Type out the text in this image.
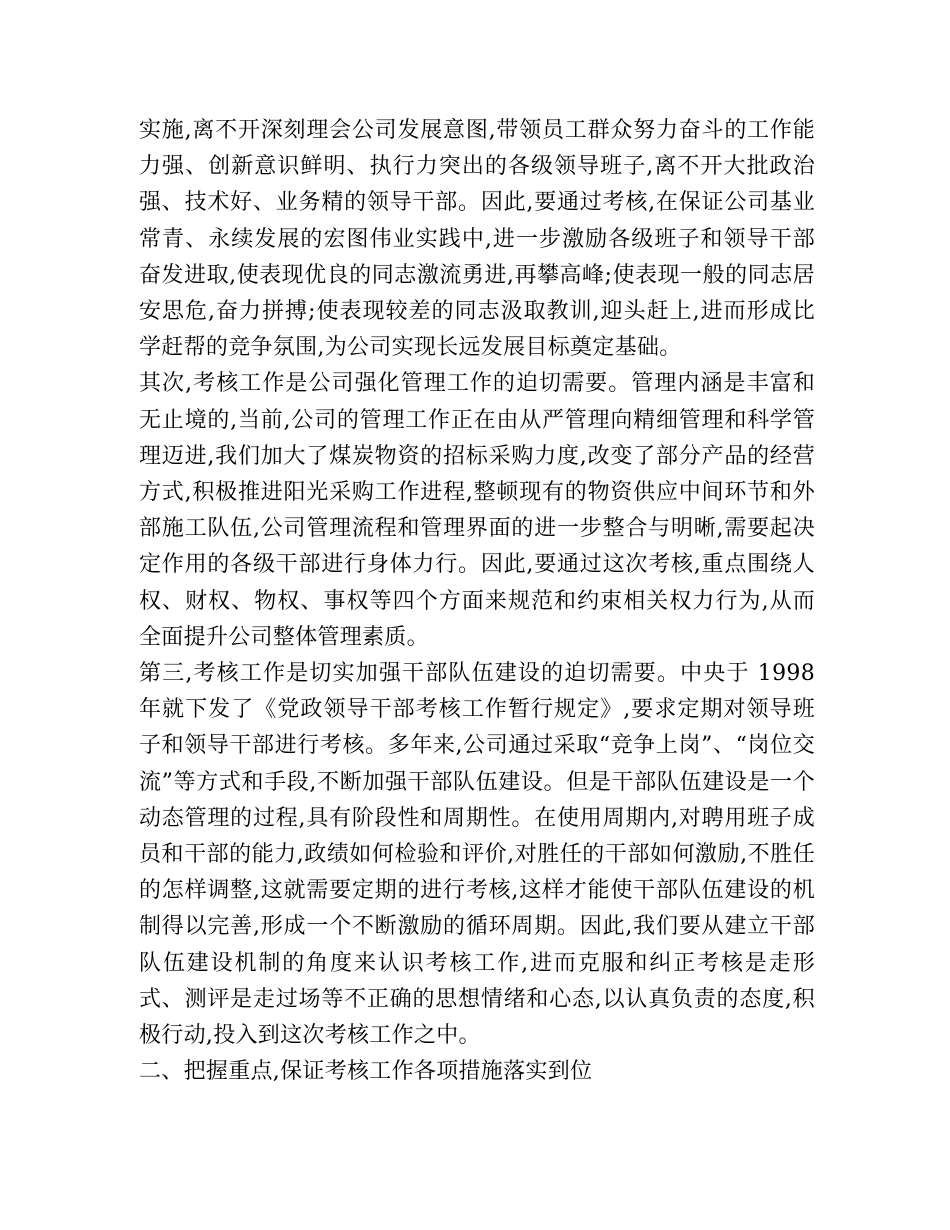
实施,离不开深刻理会公司发展意图,带领员工群众努力奋斗的工作能力强、创新意识鲜明、执行力突出的各级领导班子,离不开大批政治强、技术好、业务精的领导干部。因此,要通过考核,在保证公司基业常青、永续发展的宏图伟业实践中,进一步激励各级班子和领导干部奋发进取,使表现优良的同志激流勇进,再攀高峰;使表现一般的同志居安思危,奋力拼搏;使表现较差的同志汲取教训,迎头赶上,进而形成比学赶帮的竞争氛围,为公司实现长远发展目标奠定基础。

其次,考核工作是公司强化管理工作的迫切需要。管理内涵是丰富和无止境的,当前,公司的管理工作正在由从严管理向精细管理和科学管理迈进,我们加大了煤炭物资的招标采购力度,改变了部分产品的经营方式,积极推进阳光采购工作进程,整顿现有的物资供应中间环节和外部施工队伍,公司管理流程和管理界面的进一步整合与明晰,需要起决定作用的各级干部进行身体力行。因此,要通过这次考核,重点围绕人权、财权、物权、事权等四个方面来规范和约束相关权力行为,从而全面提升公司整体管理素质。

第三,考核工作是切实加强干部队伍建设的迫切需要。中央于 1998 年就下发了《党政领导干部考核工作暂行规定》,要求定期对领导班子和领导干部进行考核。多年来,公司通过采取“竞争上岗”、“岗位交流”等方式和手段,不断加强干部队伍建设。但是干部队伍建设是一个动态管理的过程,具有阶段性和周期性。在使用周期内,对聘用班子成员和干部的能力,政绩如何检验和评价,对胜任的干部如何激励,不胜任的怎样调整,这就需要定期的进行考核,这样才能使干部队伍建设的机制得以完善,形成一个不断激励的循环周期。因此,我们要从建立干部队伍建设机制的角度来认识考核工作,进而克服和纠正考核是走形式、测评是走过场等不正确的思想情绪和心态,以认真负责的态度,积极行动,投入到这次考核工作之中。

二、把握重点,保证考核工作各项措施落实到位
